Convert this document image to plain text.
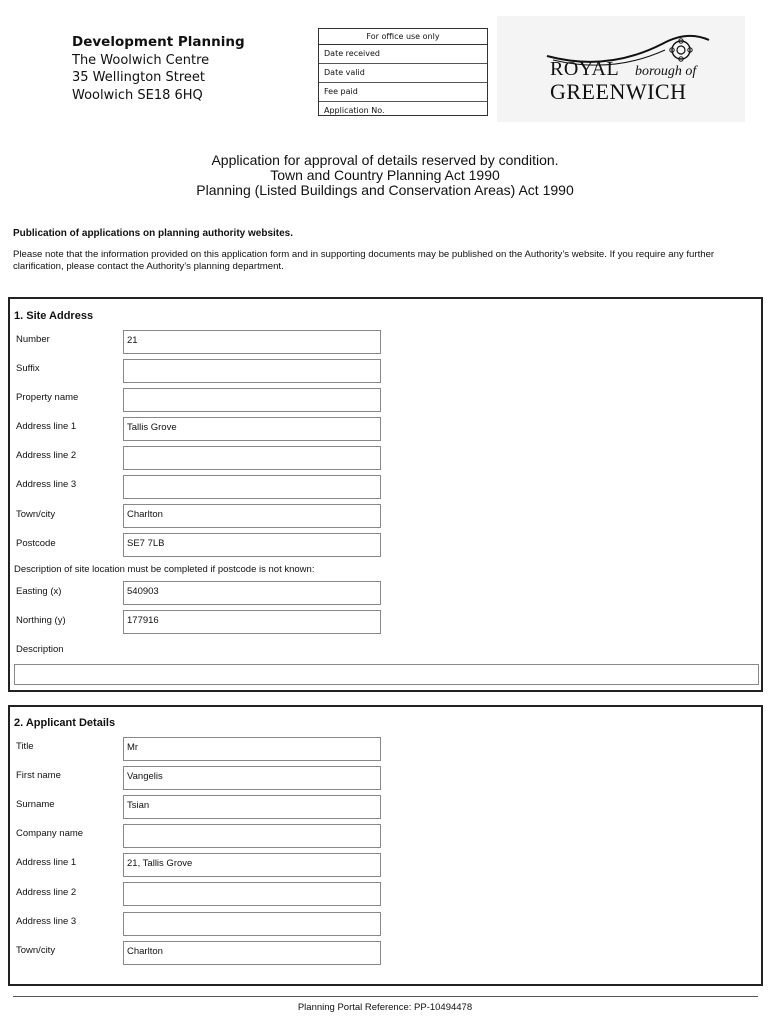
Development Planning
The Woolwich Centre
35 Wellington Street
Woolwich SE18 6HQ
For office use only
Date received
Date valid
Fee paid
Application No.
ROYAL borough of
GREENWICH
Application for approval of details reserved by condition.
Town and Country Planning Act 1990
Planning (Listed Buildings and Conservation Areas) Act 1990
Publication of applications on planning authority websites.
Please note that the information provided on this application form and in supporting documents may be published on the Authority’s website. If you require any further clarification, please contact the Authority’s planning department.
1. Site Address
Number	21
Suffix
Property name
Address line 1	Tallis Grove
Address line 2
Address line 3
Town/city	Charlton
Postcode	SE7 7LB
Description of site location must be completed if postcode is not known:
Easting (x)	540903
Northing (y)	177916
Description
2. Applicant Details
Title	Mr
First name	Vangelis
Surname	Tsian
Company name
Address line 1	21, Tallis Grove
Address line 2
Address line 3
Town/city	Charlton
Planning Portal Reference: PP-10494478
